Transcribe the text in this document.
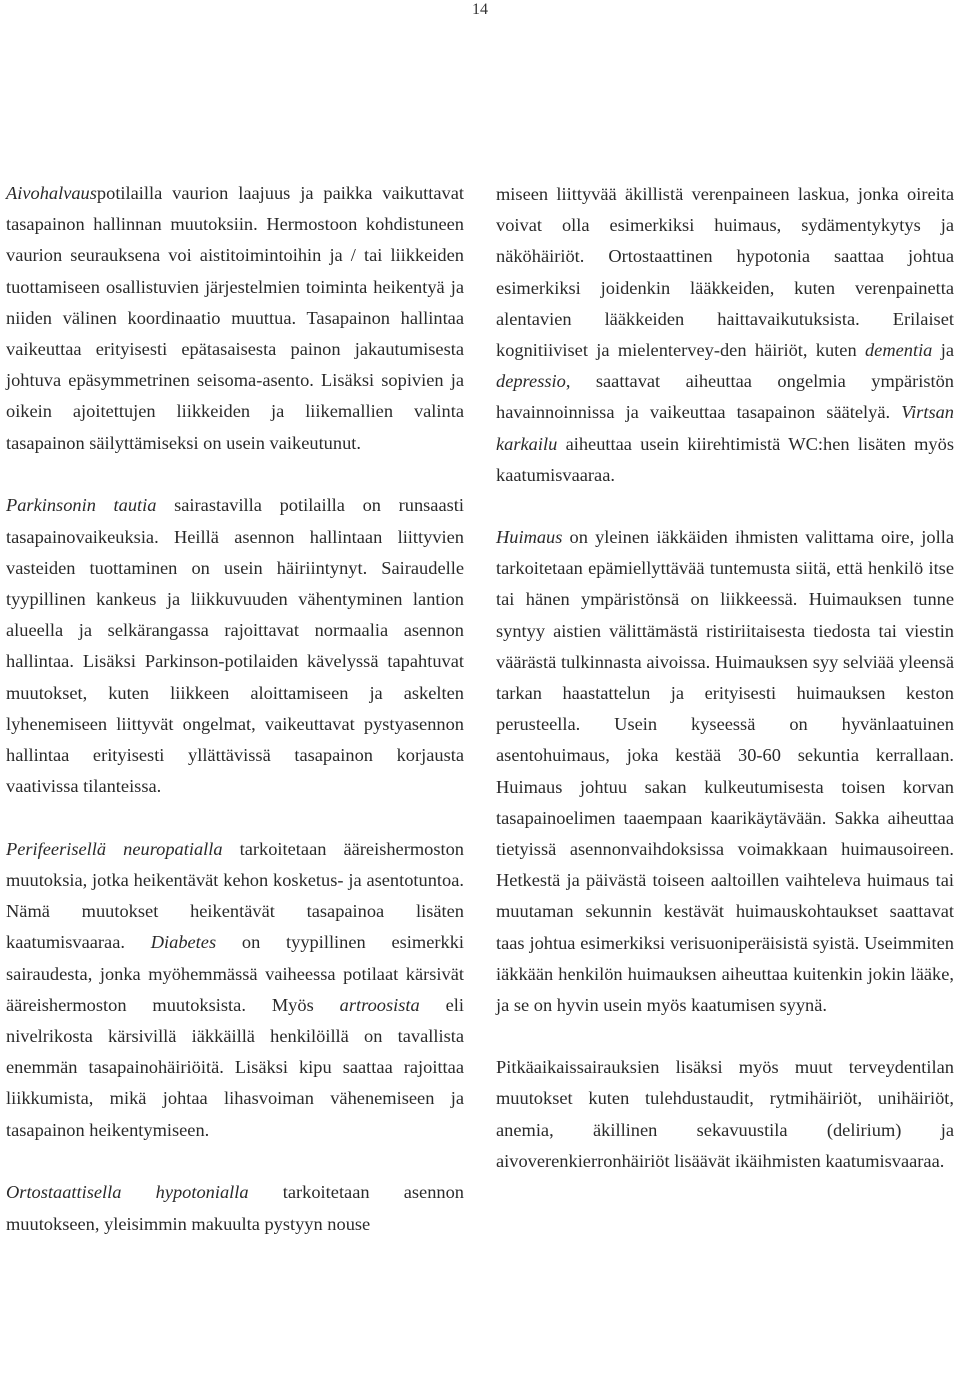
14

Aivohalvauspotilailla vaurion laajuus ja paikka vaikuttavat tasapainon hallinnan muutoksiin. Hermostoon kohdistuneen vaurion seurauksena voi aistitoimintoihin ja / tai liikkeiden tuottamiseen osallistuvien järjestelmien toiminta heikentyä ja niiden välinen koordinaatio muuttua. Tasapainon hallintaa vaikeuttaa erityisesti epätasaisesta painon jakautumisesta johtuva epäsymmetrinen seisoma-asento. Lisäksi sopivien ja oikein ajoitettujen liikkeiden ja liikemallien valinta tasapainon säilyttämiseksi on usein vaikeutunut.

Parkinsonin tautia sairastavilla potilailla on runsaasti tasapainovaikeuksia. Heillä asennon hallintaan liittyvien vasteiden tuottaminen on usein häiriintynyt. Sairaudelle tyypillinen kankeus ja liikkuvuuden vähentyminen lantion alueella ja selkärangassa rajoittavat normaalia asennon hallintaa. Lisäksi Parkinson-potilaiden kävelyssä tapahtuvat muutokset, kuten liikkeen aloittamiseen ja askelten lyhenemiseen liittyvät ongelmat, vaikeuttavat pystyasennon hallintaa erityisesti yllättävissä tasapainon korjausta vaativissa tilanteissa.

Perifeerisellä neuropatialla tarkoitetaan ääreishermoston muutoksia, jotka heikentävät kehon kosketus- ja asentotuntoa. Nämä muutokset heikentävät tasapainoa lisäten kaatumisvaaraa. Diabetes on tyypillinen esimerkki sairaudesta, jonka myöhemmässä vaiheessa potilaat kärsivät ääreishermoston muutoksista. Myös artroosista eli nivelrikosta kärsivillä iäkkäillä henkilöillä on tavallista enemmän tasapainohäiriöitä. Lisäksi kipu saattaa rajoittaa liikkumista, mikä johtaa lihasvoiman vähenemiseen ja tasapainon heikentymiseen.

Ortostaattisella hypotonialla tarkoitetaan asennon muutokseen, yleisimmin makuulta pystyyn nouse

miseen liittyvää äkillistä verenpaineen laskua, jonka oireita voivat olla esimerkiksi huimaus, sydämentykytys ja näköhäiriöt. Ortostaattinen hypotonia saattaa johtua esimerkiksi joidenkin lääkkeiden, kuten verenpainetta alentavien lääkkeiden haittavaikutuksista. Erilaiset kognitiiviset ja mielentervey-den häiriöt, kuten dementia ja depressio, saattavat aiheuttaa ongelmia ympäristön havainnoinnissa ja vaikeuttaa tasapainon säätelyä. Virtsan karkailu aiheuttaa usein kiirehtimistä WC:hen lisäten myös kaatumisvaaraa.

Huimaus on yleinen iäkkäiden ihmisten valittama oire, jolla tarkoitetaan epämiellyttävää tuntemusta siitä, että henkilö itse tai hänen ympäristönsä on liikkeessä. Huimauksen tunne syntyy aistien välittämästä ristiriitaisesta tiedosta tai viestin väärästä tulkinnasta aivoissa. Huimauksen syy selviää yleensä tarkan haastattelun ja erityisesti huimauksen keston perusteella. Usein kyseessä on hyvänlaatuinen asentohuimaus, joka kestää 30-60 sekuntia kerrallaan. Huimaus johtuu sakan kulkeutumisesta toisen korvan tasapainoelimen taaempaan kaarikäytävään. Sakka aiheuttaa tietyissä asennonvaihdoksissa voimakkaan huimausoireen. Hetkestä ja päivästä toiseen aaltoillen vaihteleva huimaus tai muutaman sekunnin kestävät huimauskohtaukset saattavat taas johtua esimerkiksi verisuoniperäisistä syistä. Useimmiten iäkkään henkilön huimauksen aiheuttaa kuitenkin jokin lääke, ja se on hyvin usein myös kaatumisen syynä.

Pitkäaikaissairauksien lisäksi myös muut terveydentilan muutokset kuten tulehdustaudit, rytmihäiriöt, unihäiriöt, anemia, äkillinen sekavuustila (delirium) ja aivoverenkierronhäiriöt lisäävät ikäihmisten kaatumisvaaraa.
